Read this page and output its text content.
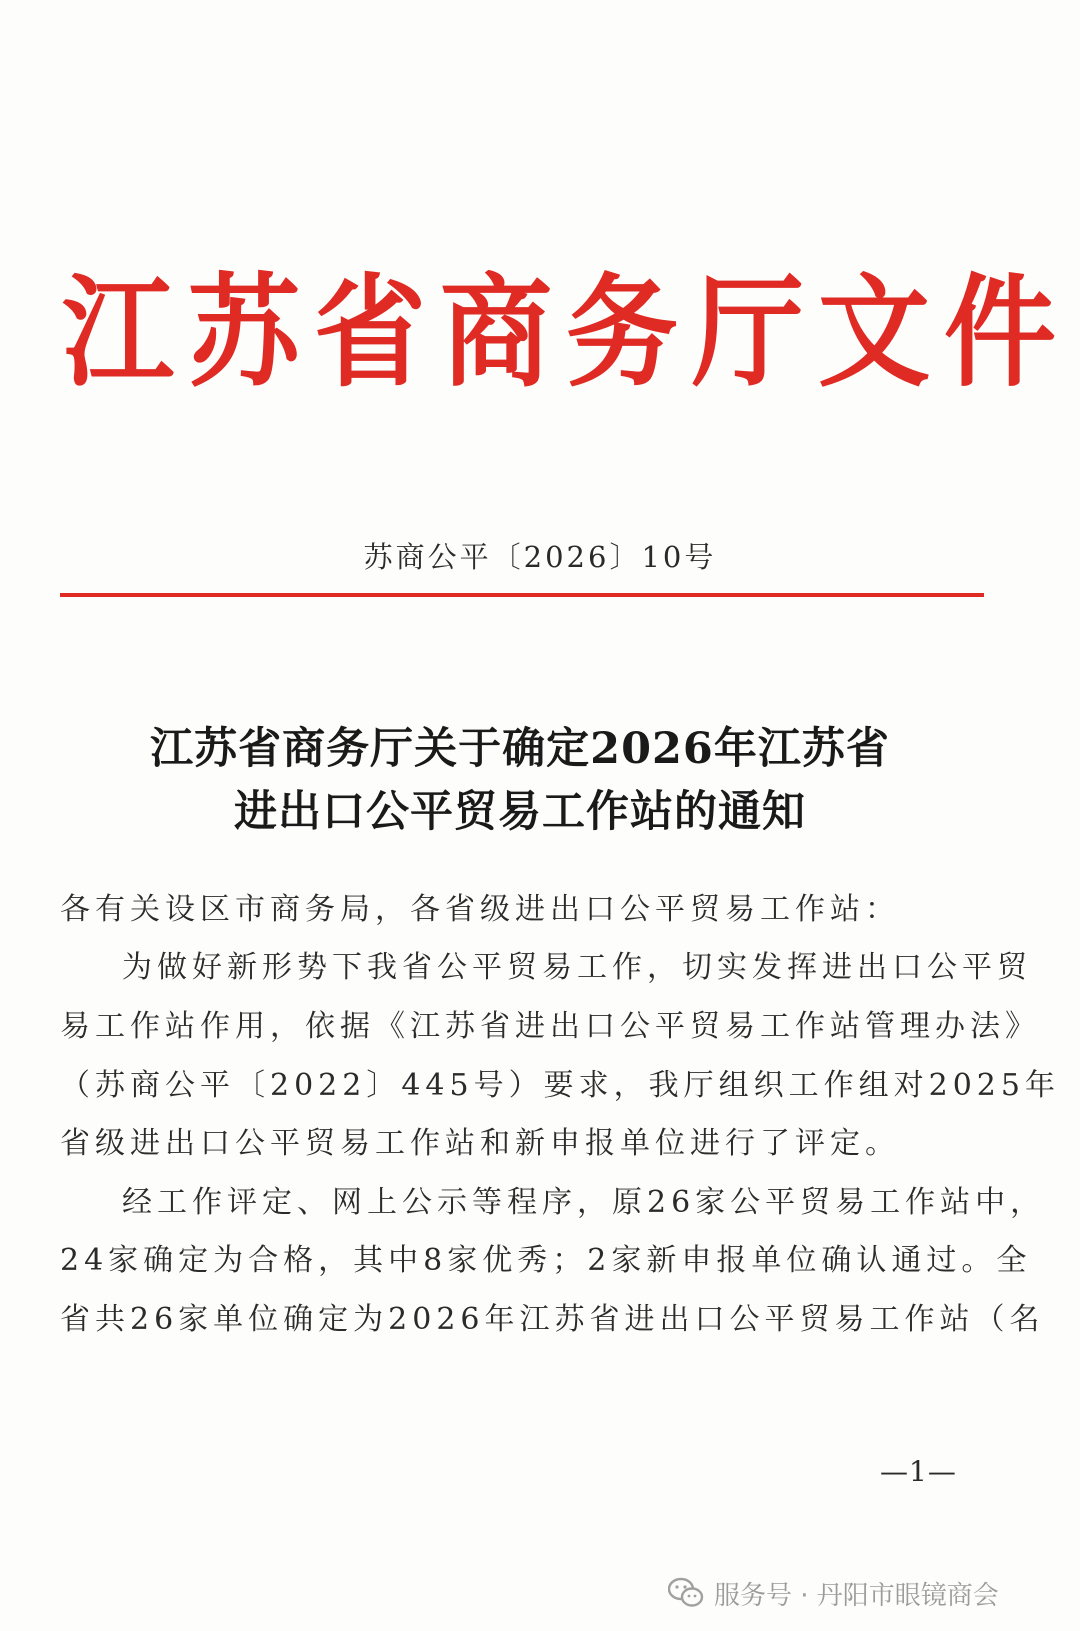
江苏省商务厅文件
苏商公平〔2026〕10号
江苏省商务厅关于确定2026年江苏省
进出口公平贸易工作站的通知
各有关设区市商务局，各省级进出口公平贸易工作站：
为做好新形势下我省公平贸易工作，切实发挥进出口公平贸
易工作站作用，依据《江苏省进出口公平贸易工作站管理办法》
（苏商公平〔2022〕445号）要求，我厅组织工作组对2025年
省级进出口公平贸易工作站和新申报单位进行了评定。
经工作评定、网上公示等程序，原26家公平贸易工作站中，
24家确定为合格，其中8家优秀；2家新申报单位确认通过。全
省共26家单位确定为2026年江苏省进出口公平贸易工作站（名
—1—
服务号 · 丹阳市眼镜商会
